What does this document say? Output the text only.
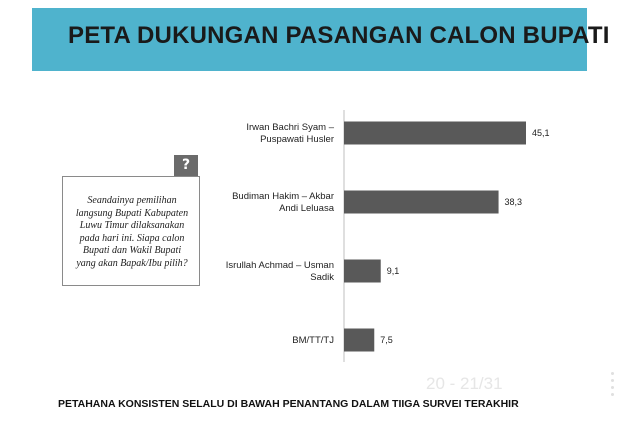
PETA DUKUNGAN PASANGAN CALON BUPATI
?
Seandainya pemilihan
langsung Bupati Kabupaten
Luwu Timur dilaksanakan
pada hari ini. Siapa calon
Bupati dan Wakil Bupati
yang akan Bapak/Ibu pilih?
45,1
Irwan Bachri Syam –
Puspawati Husler
38,3
Budiman Hakim – Akbar
Andi Leluasa
9,1
Isrullah Achmad – Usman
Sadik
7,5
BM/TT/TJ
20 - 21/31
PETAHANA KONSISTEN SELALU DI BAWAH PENANTANG DALAM TIIGA SURVEI TERAKHIR
